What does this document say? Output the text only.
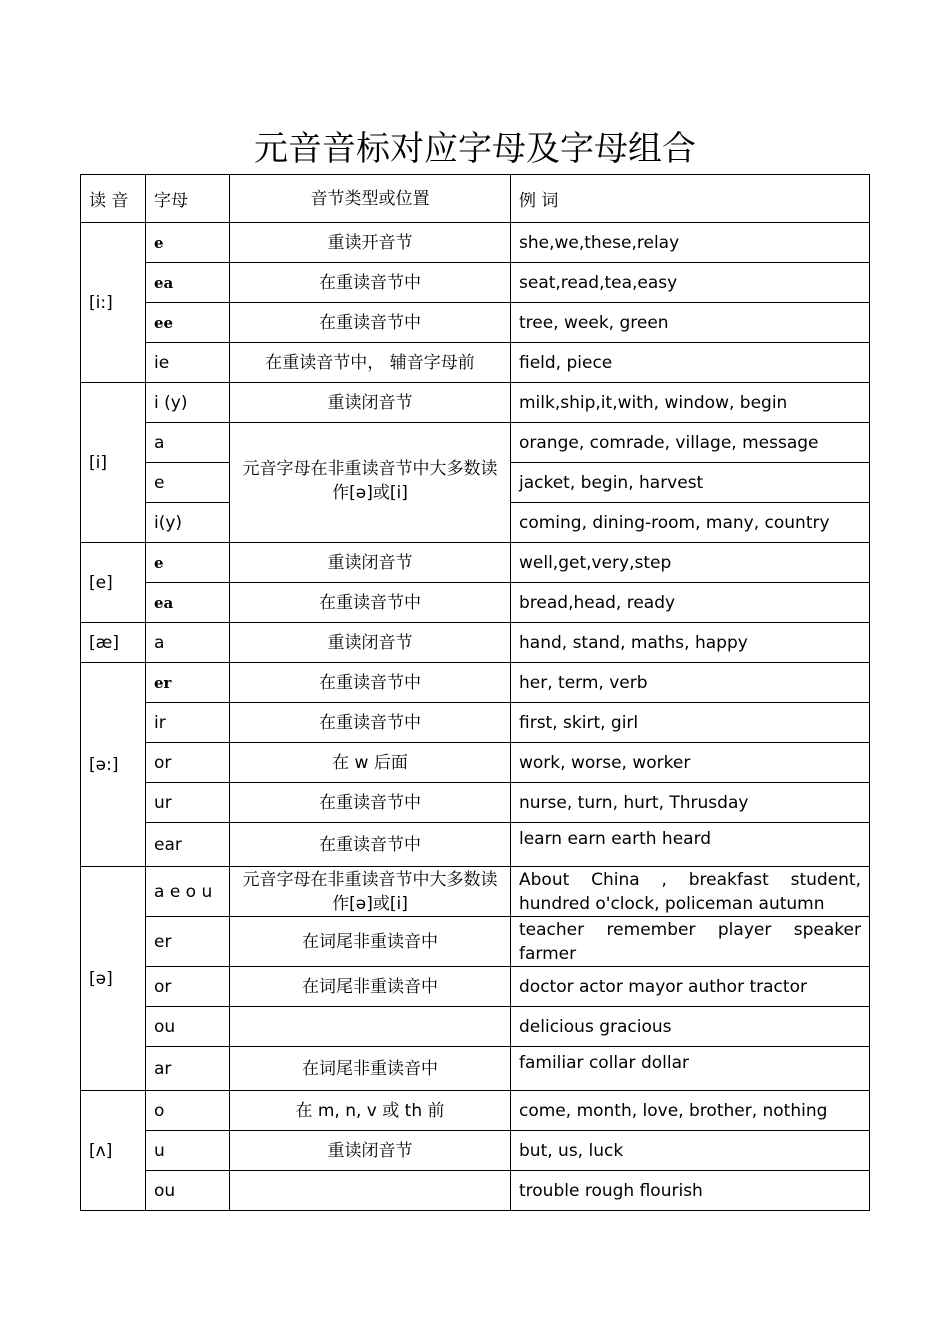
元音音标对应字母及字母组合
读 音	字母	音节类型或位置	例 词
[i:]	e	重读开音节	she,we,these,relay
	ea	在重读音节中	seat,read,tea,easy
	ee	在重读音节中	tree, week, green
	ie	在重读音节中， 辅音字母前	field, piece
[i]	i (y)	重读闭音节	milk,ship,it,with, window, begin
	a	元音字母在非重读音节中大多数读作[ə]或[i]	orange, comrade, village, message
	e		jacket, begin, harvest
	i(y)		coming, dining-room, many, country
[e]	e	重读闭音节	well,get,very,step
	ea	在重读音节中	bread,head, ready
[æ]	a	重读闭音节	hand, stand, maths, happy
[ə:]	er	在重读音节中	her, term, verb
	ir	在重读音节中	first, skirt, girl
	or	在 w 后面	work, worse, worker
	ur	在重读音节中	nurse, turn, hurt, Thrusday
	ear	在重读音节中	learn earn earth heard
[ə]	a e o u	元音字母在非重读音节中大多数读作[ə]或[i]	About China , breakfast student,
hundred o'clock, policeman autumn

	er	在词尾非重读音中	teacher remember player speaker
farmer

	or	在词尾非重读音中	doctor actor mayor author tractor
	ou		delicious gracious
	ar	在词尾非重读音中	familiar collar dollar
[ʌ]	o	在 m, n, v 或 th 前	come, month, love, brother, nothing
	u	重读闭音节	but, us, luck
	ou		trouble rough flourish
